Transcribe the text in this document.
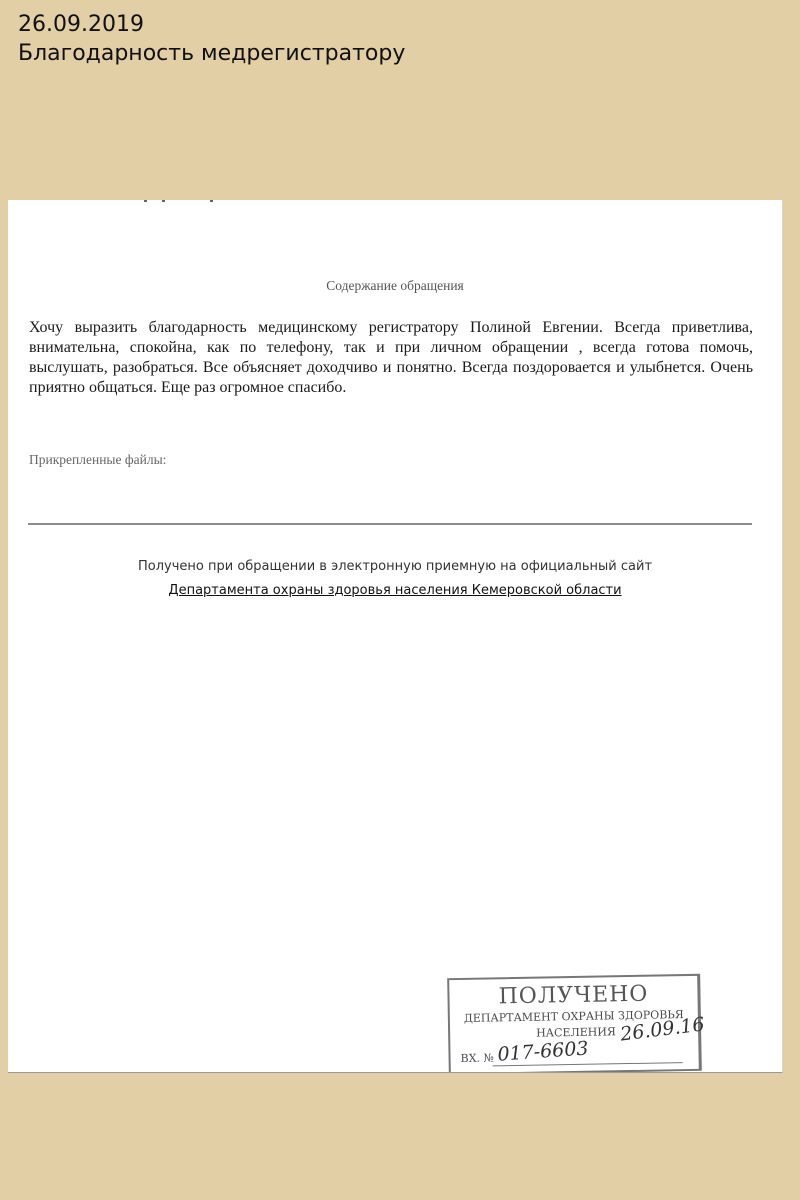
26.09.2019
Благодарность медрегистратору
Содержание обращения
Хочу выразить благодарность медицинскому регистратору Полиной Евгении. Всегда приветлива, внимательна, спокойна, как по телефону, так и при личном обращении , всегда готова помочь, выслушать, разобраться. Все объясняет доходчиво и понятно. Всегда поздоровается и улыбнется. Очень приятно общаться. Еще раз огромное спасибо.
Прикрепленные файлы:
Получено при обращении в электронную приемную на официальный сайт
Департамента охраны здоровья населения Кемеровской области
ПОЛУЧЕНО
ДЕПАРТАМЕНТ ОХРАНЫ ЗДОРОВЬЯ
НАСЕЛЕНИЯ 26.09.16
ВХ. № 017-6603
